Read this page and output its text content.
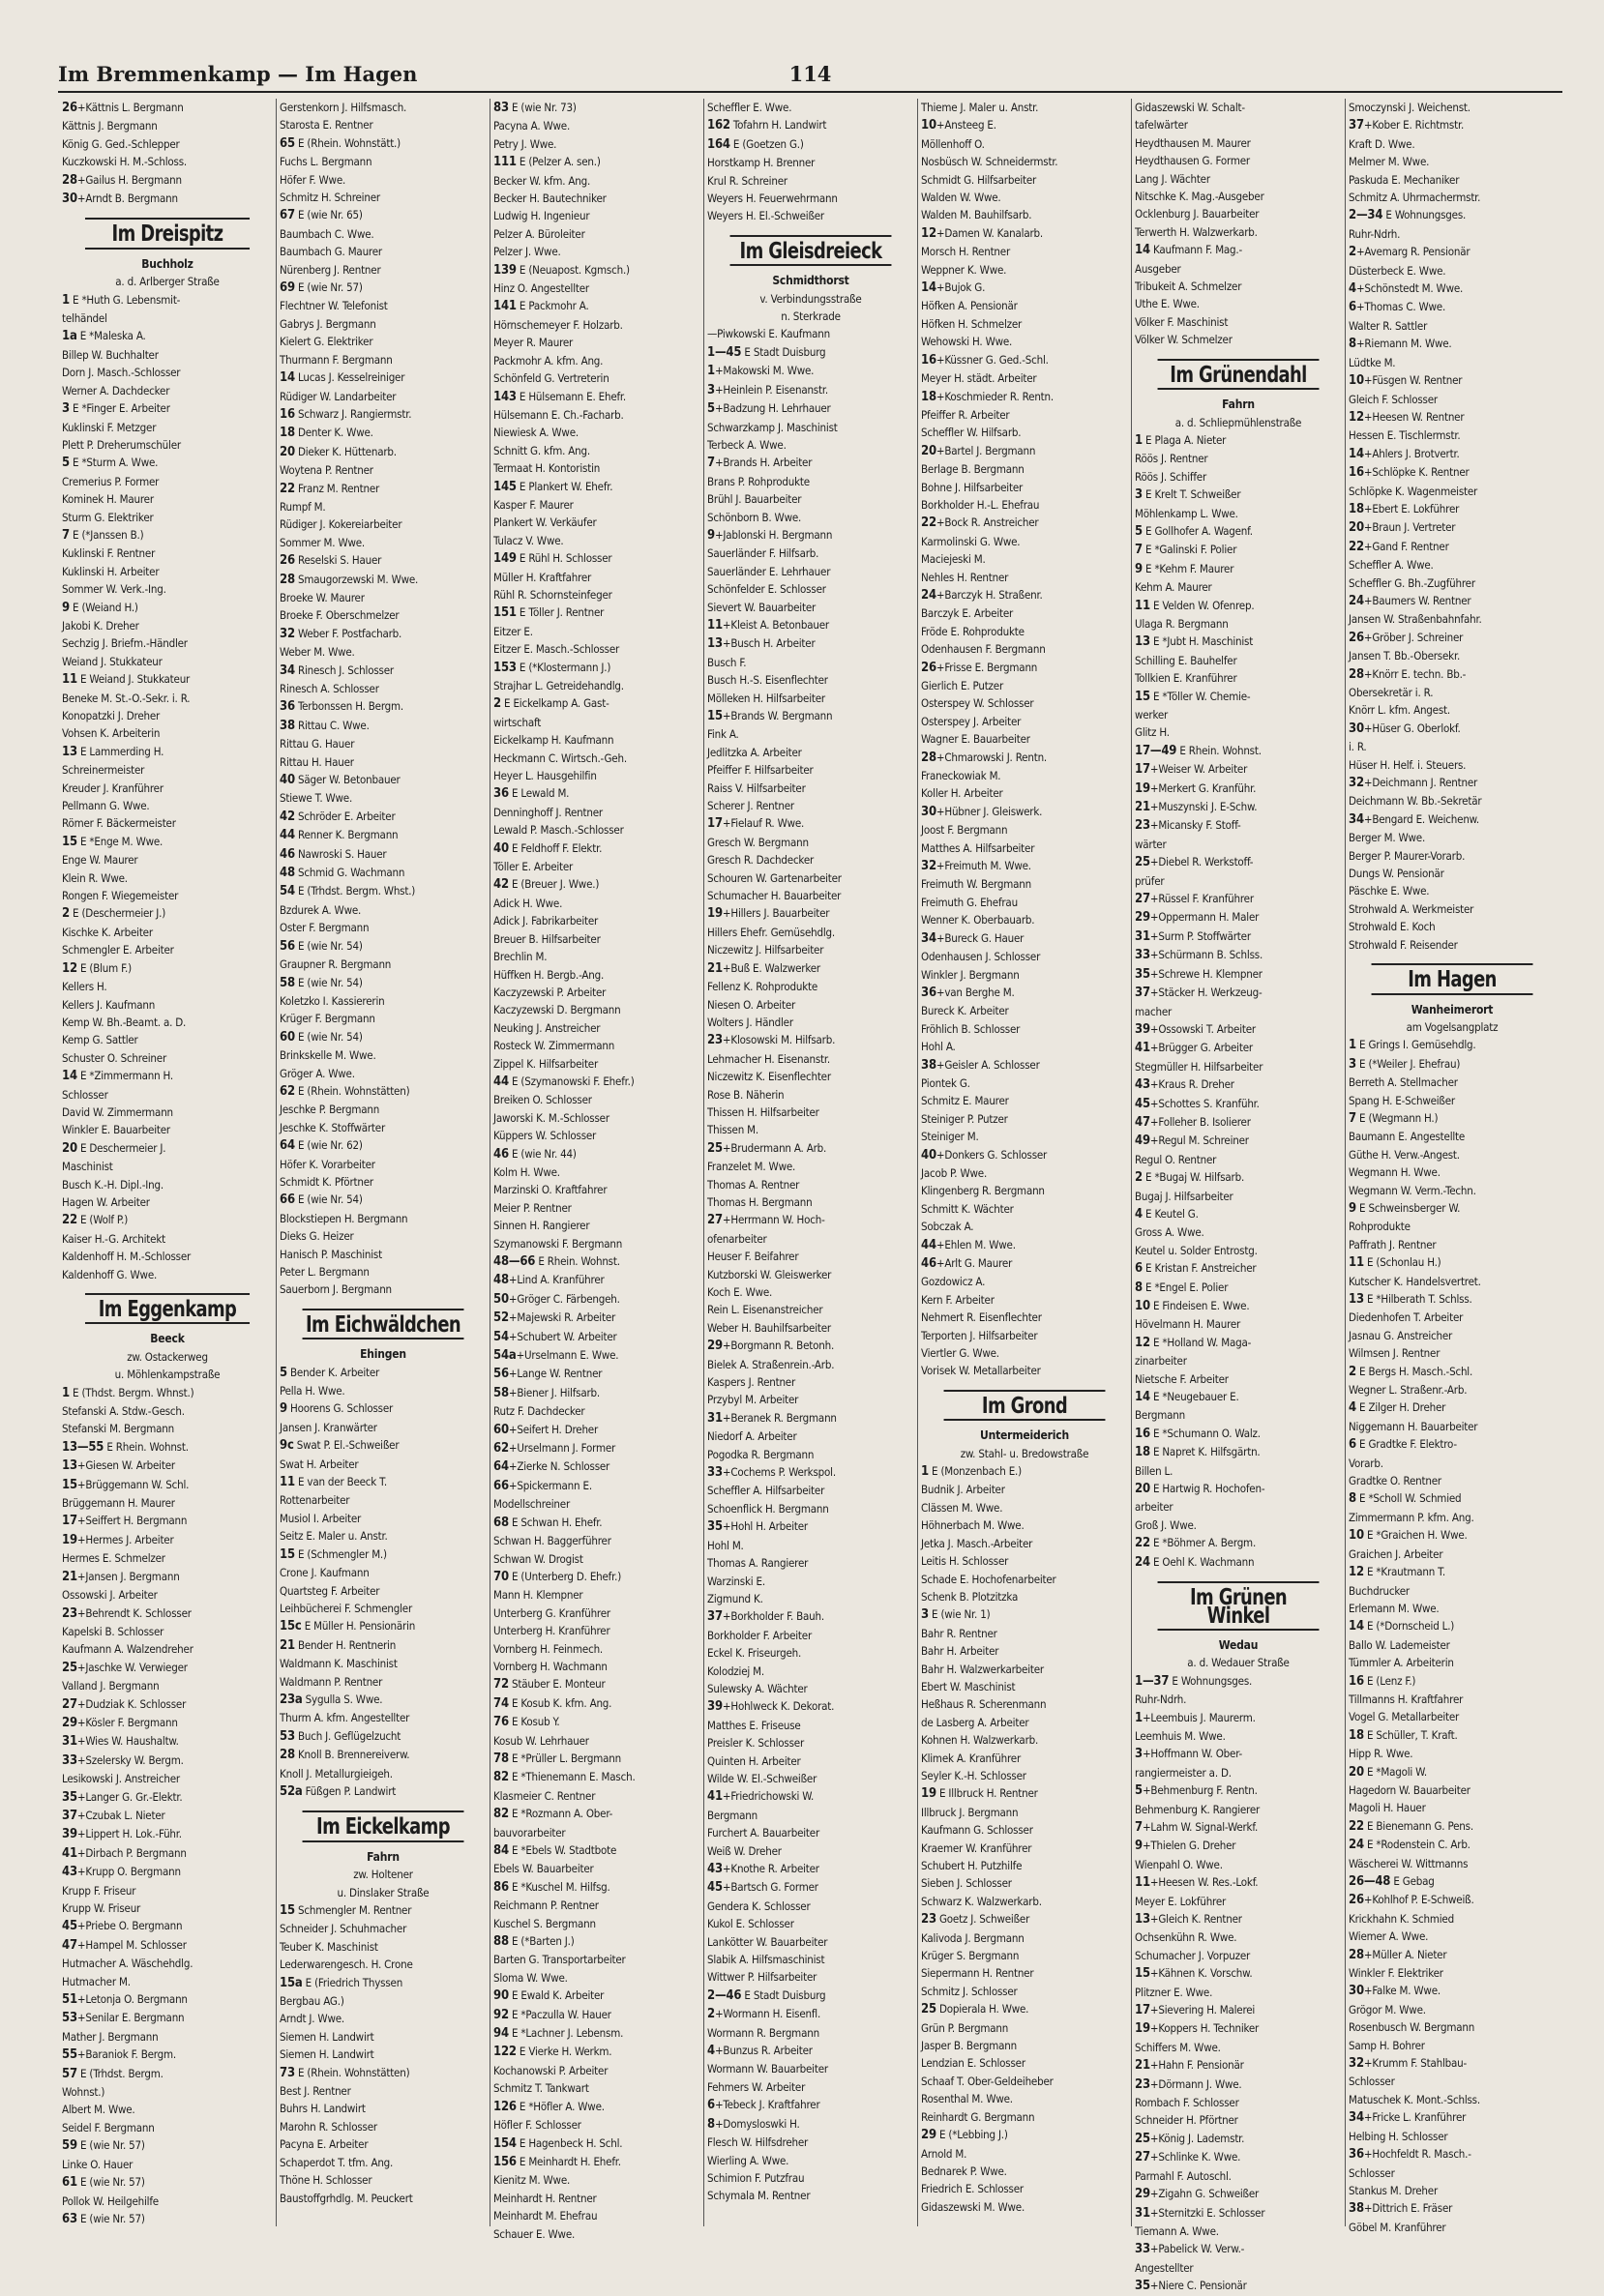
Im Bremmenkamp — Im Hagen	114
26+Kättnis L. Bergmann
Kättnis J. Bergmann
König G. Ged.-Schlepper
Kuczkowski H. M.-Schloss.
28+Gailus H. Bergmann
30+Arndt B. Bergmann
Im Dreispitz
Buchholz
a. d. Arlberger Straße
1 E *Huth G. Lebensmit-
telhändel
1a E *Maleska A.
Billep W. Buchhalter
Dorn J. Masch.-Schlosser
Werner A. Dachdecker
3 E *Finger E. Arbeiter
Kuklinski F. Metzger
Plett P. Dreherumschüler
5 E *Sturm A. Wwe.
Cremerius P. Former
Kominek H. Maurer
Sturm G. Elektriker
7 E (*Janssen B.)
Kuklinski F. Rentner
Kuklinski H. Arbeiter
Sommer W. Verk.-Ing.
9 E (Weiand H.)
Jakobi K. Dreher
Sechzig J. Briefm.-Händler
Weiand J. Stukkateur
11 E Weiand J. Stukkateur
Beneke M. St.-O.-Sekr. i. R.
Konopatzki J. Dreher
Vohsen K. Arbeiterin
13 E Lammerding H.
Schreinermeister
Kreuder J. Kranführer
Pellmann G. Wwe.
Römer F. Bäckermeister
15 E *Enge M. Wwe.
Enge W. Maurer
Klein R. Wwe.
Rongen F. Wiegemeister
2 E (Deschermeier J.)
Kischke K. Arbeiter
Schmengler E. Arbeiter
12 E (Blum F.)
Kellers H.
Kellers J. Kaufmann
Kemp W. Bh.-Beamt. a. D.
Kemp G. Sattler
Schuster O. Schreiner
14 E *Zimmermann H.
Schlosser
David W. Zimmermann
Winkler E. Bauarbeiter
20 E Deschermeier J.
Maschinist
Busch K.-H. Dipl.-Ing.
Hagen W. Arbeiter
22 E (Wolf P.)
Kaiser H.-G. Architekt
Kaldenhoff H. M.-Schlosser
Kaldenhoff G. Wwe.
Im Eggenkamp
Beeck
zw. Ostackerweg
u. Möhlenkampstraße
1 E (Thdst. Bergm. Whnst.)
Stefanski A. Stdw.-Gesch.
Stefanski M. Bergmann
13—55 E Rhein. Wohnst.
13+Giesen W. Arbeiter
15+Brüggemann W. Schl.
Brüggemann H. Maurer
17+Seiffert H. Bergmann
19+Hermes J. Arbeiter
Hermes E. Schmelzer
21+Jansen J. Bergmann
Ossowski J. Arbeiter
23+Behrendt K. Schlosser
Kapelski B. Schlosser
Kaufmann A. Walzendreher
25+Jaschke W. Verwieger
Valland J. Bergmann
27+Dudziak K. Schlosser
29+Kösler F. Bergmann
31+Wies W. Haushaltw.
33+Szelersky W. Bergm.
Lesikowski J. Anstreicher
35+Langer G. Gr.-Elektr.
37+Czubak L. Nieter
39+Lippert H. Lok.-Führ.
41+Dirbach P. Bergmann
43+Krupp O. Bergmann
Krupp F. Friseur
Krupp W. Friseur
45+Priebe O. Bergmann
47+Hampel M. Schlosser
Hutmacher A. Wäschehdlg.
Hutmacher M.
51+Letonja O. Bergmann
53+Senilar E. Bergmann
Mather J. Bergmann
55+Baraniok F. Bergm.
57 E (Trhdst. Bergm.
Wohnst.)
Albert M. Wwe.
Seidel F. Bergmann
59 E (wie Nr. 57)
Linke O. Hauer
61 E (wie Nr. 57)
Pollok W. Heilgehilfe
63 E (wie Nr. 57)
Gerstenkorn J. Hilfsmasch.
Starosta E. Rentner
65 E (Rhein. Wohnstätt.)
Fuchs L. Bergmann
Höfer F. Wwe.
Schmitz H. Schreiner
67 E (wie Nr. 65)
Baumbach C. Wwe.
Baumbach G. Maurer
Nürenberg J. Rentner
69 E (wie Nr. 57)
Flechtner W. Telefonist
Gabrys J. Bergmann
Kielert G. Elektriker
Thurmann F. Bergmann
14 Lucas J. Kesselreiniger
Rüdiger W. Landarbeiter
16 Schwarz J. Rangiermstr.
18 Denter K. Wwe.
20 Dieker K. Hüttenarb.
Woytena P. Rentner
22 Franz M. Rentner
Rumpf M.
Rüdiger J. Kokereiarbeiter
Sommer M. Wwe.
26 Reselski S. Hauer
28 Smaugorzewski M. Wwe.
Broeke W. Maurer
Broeke F. Oberschmelzer
32 Weber F. Postfacharb.
Weber M. Wwe.
34 Rinesch J. Schlosser
Rinesch A. Schlosser
36 Terbonssen H. Bergm.
38 Rittau C. Wwe.
Rittau G. Hauer
Rittau H. Hauer
40 Säger W. Betonbauer
Stiewe T. Wwe.
42 Schröder E. Arbeiter
44 Renner K. Bergmann
46 Nawroski S. Hauer
48 Schmid G. Wachmann
54 E (Trhdst. Bergm. Whst.)
Bzdurek A. Wwe.
Oster F. Bergmann
56 E (wie Nr. 54)
Graupner R. Bergmann
58 E (wie Nr. 54)
Koletzko I. Kassiererin
Krüger F. Bergmann
60 E (wie Nr. 54)
Brinkskelle M. Wwe.
Gröger A. Wwe.
62 E (Rhein. Wohnstätten)
Jeschke P. Bergmann
Jeschke K. Stoffwärter
64 E (wie Nr. 62)
Höfer K. Vorarbeiter
Schmidt K. Pförtner
66 E (wie Nr. 54)
Blockstiepen H. Bergmann
Dieks G. Heizer
Hanisch P. Maschinist
Peter L. Bergmann
Sauerborn J. Bergmann
Im Eichwäldchen
Ehingen
5 Bender K. Arbeiter
Pella H. Wwe.
9 Hoorens G. Schlosser
Jansen J. Kranwärter
9c Swat P. El.-Schweißer
Swat H. Arbeiter
11 E van der Beeck T.
Rottenarbeiter
Musiol I. Arbeiter
Seitz E. Maler u. Anstr.
15 E (Schmengler M.)
Crone J. Kaufmann
Quartsteg F. Arbeiter
Leihbücherei F. Schmengler
15c E Müller H. Pensionärin
21 Bender H. Rentnerin
Waldmann K. Maschinist
Waldmann P. Rentner
23a Sygulla S. Wwe.
Thurm A. kfm. Angestellter
53 Buch J. Geflügelzucht
28 Knoll B. Brennereiverw.
Knoll J. Metallurgieigeh.
52a Füßgen P. Landwirt
Im Eickelkamp
Fahrn
zw. Holtener
u. Dinslaker Straße
15 Schmengler M. Rentner
Schneider J. Schuhmacher
Teuber K. Maschinist
Lederwarengesch. H. Crone
15a E (Friedrich Thyssen
Bergbau AG.)
Arndt J. Wwe.
Siemen H. Landwirt
Siemen H. Landwirt
73 E (Rhein. Wohnstätten)
Best J. Rentner
Buhrs H. Landwirt
Marohn R. Schlosser
Pacyna E. Arbeiter
Schaperdot T. tfm. Ang.
Thöne H. Schlosser
Baustoffgrhdlg. M. Peuckert
83 E (wie Nr. 73)
Pacyna A. Wwe.
Petry J. Wwe.
111 E (Pelzer A. sen.)
Becker W. kfm. Ang.
Becker H. Bautechniker
Ludwig H. Ingenieur
Pelzer A. Büroleiter
Pelzer J. Wwe.
139 E (Neuapost. Kgmsch.)
Hinz O. Angestellter
141 E Packmohr A.
Hörnschemeyer F. Holzarb.
Meyer R. Maurer
Packmohr A. kfm. Ang.
Schönfeld G. Vertreterin
143 E Hülsemann E. Ehefr.
Hülsemann E. Ch.-Facharb.
Niewiesk A. Wwe.
Schnitt G. kfm. Ang.
Termaat H. Kontoristin
145 E Plankert W. Ehefr.
Kasper F. Maurer
Plankert W. Verkäufer
Tulacz V. Wwe.
149 E Rühl H. Schlosser
Müller H. Kraftfahrer
Rühl R. Schornsteinfeger
151 E Töller J. Rentner
Eitzer E.
Eitzer E. Masch.-Schlosser
153 E (*Klostermann J.)
Strajhar L. Getreidehandlg.
2 E Eickelkamp A. Gast-
wirtschaft
Eickelkamp H. Kaufmann
Heckmann C. Wirtsch.-Geh.
Heyer L. Hausgehilfin
36 E Lewald M.
Denninghoff J. Rentner
Lewald P. Masch.-Schlosser
40 E Feldhoff F. Elektr.
Töller E. Arbeiter
42 E (Breuer J. Wwe.)
Adick H. Wwe.
Adick J. Fabrikarbeiter
Breuer B. Hilfsarbeiter
Brechlin M.
Hüffken H. Bergb.-Ang.
Kaczyzewski P. Arbeiter
Kaczyzewski D. Bergmann
Neuking J. Anstreicher
Rosteck W. Zimmermann
Zippel K. Hilfsarbeiter
44 E (Szymanowski F. Ehefr.)
Breiken O. Schlosser
Jaworski K. M.-Schlosser
Küppers W. Schlosser
46 E (wie Nr. 44)
Kolm H. Wwe.
Marzinski O. Kraftfahrer
Meier P. Rentner
Sinnen H. Rangierer
Szymanowski F. Bergmann
48—66 E Rhein. Wohnst.
48+Lind A. Kranführer
50+Gröger C. Färbengeh.
52+Majewski R. Arbeiter
54+Schubert W. Arbeiter
54a+Urselmann E. Wwe.
56+Lange W. Rentner
58+Biener J. Hilfsarb.
Rutz F. Dachdecker
60+Seifert H. Dreher
62+Urselmann J. Former
64+Zierke N. Schlosser
66+Spickermann E.
Modellschreiner
68 E Schwan H. Ehefr.
Schwan H. Baggerführer
Schwan W. Drogist
70 E (Unterberg D. Ehefr.)
Mann H. Klempner
Unterberg G. Kranführer
Unterberg H. Kranführer
Vornberg H. Feinmech.
Vornberg H. Wachmann
72 Stäuber E. Monteur
74 E Kosub K. kfm. Ang.
76 E Kosub Y.
Kosub W. Lehrhauer
78 E *Prüller L. Bergmann
82 E *Thienemann E. Masch.
Klasmeier C. Rentner
82 E *Rozmann A. Ober-
bauvorarbeiter
84 E *Ebels W. Stadtbote
Ebels W. Bauarbeiter
86 E *Kuschel M. Hilfsg.
Reichmann P. Rentner
Kuschel S. Bergmann
88 E (*Barten J.)
Barten G. Transportarbeiter
Sloma W. Wwe.
90 E Ewald K. Arbeiter
92 E *Paczulla W. Hauer
94 E *Lachner J. Lebensm.
122 E Vierke H. Werkm.
Kochanowski P. Arbeiter
Schmitz T. Tankwart
126 E *Höfler A. Wwe.
Höfler F. Schlosser
154 E Hagenbeck H. Schl.
156 E Meinhardt H. Ehefr.
Kienitz M. Wwe.
Meinhardt H. Rentner
Meinhardt M. Ehefrau
Schauer E. Wwe.
Scheffler E. Wwe.
162 Tofahrn H. Landwirt
164 E (Goetzen G.)
Horstkamp H. Brenner
Krul R. Schreiner
Weyers H. Feuerwehrmann
Weyers H. El.-Schweißer
Im Gleisdreieck
Schmidthorst
v. Verbindungsstraße
n. Sterkrade
—Piwkowski E. Kaufmann
1—45 E Stadt Duisburg
1+Makowski M. Wwe.
3+Heinlein P. Eisenanstr.
5+Badzung H. Lehrhauer
Schwarzkamp J. Maschinist
Terbeck A. Wwe.
7+Brands H. Arbeiter
Brans P. Rohprodukte
Brühl J. Bauarbeiter
Schönborn B. Wwe.
9+Jablonski H. Bergmann
Sauerländer F. Hilfsarb.
Sauerländer E. Lehrhauer
Schönfelder E. Schlosser
Sievert W. Bauarbeiter
11+Kleist A. Betonbauer
13+Busch H. Arbeiter
Busch F.
Busch H.-S. Eisenflechter
Mölleken H. Hilfsarbeiter
15+Brands W. Bergmann
Fink A.
Jedlitzka A. Arbeiter
Pfeiffer F. Hilfsarbeiter
Raiss V. Hilfsarbeiter
Scherer J. Rentner
17+Fielauf R. Wwe.
Gresch W. Bergmann
Gresch R. Dachdecker
Schouren W. Gartenarbeiter
Schumacher H. Bauarbeiter
19+Hillers J. Bauarbeiter
Hillers Ehefr. Gemüsehdlg.
Niczewitz J. Hilfsarbeiter
21+Buß E. Walzwerker
Fellenz K. Rohprodukte
Niesen O. Arbeiter
Wolters J. Händler
23+Klosowski M. Hilfsarb.
Lehmacher H. Eisenanstr.
Niczewitz K. Eisenflechter
Rose B. Näherin
Thissen H. Hilfsarbeiter
Thissen M.
25+Brudermann A. Arb.
Franzelet M. Wwe.
Thomas A. Rentner
Thomas H. Bergmann
27+Herrmann W. Hoch-
ofenarbeiter
Heuser F. Beifahrer
Kutzborski W. Gleiswerker
Koch E. Wwe.
Rein L. Eisenanstreicher
Weber H. Bauhilfsarbeiter
29+Borgmann R. Betonh.
Bielek A. Straßenrein.-Arb.
Kaspers J. Rentner
Przybyl M. Arbeiter
31+Beranek R. Bergmann
Niedorf A. Arbeiter
Pogodka R. Bergmann
33+Cochems P. Werkspol.
Scheffler A. Hilfsarbeiter
Schoenflick H. Bergmann
35+Hohl H. Arbeiter
Hohl M.
Thomas A. Rangierer
Warzinski E.
Zigmund K.
37+Borkholder F. Bauh.
Borkholder F. Arbeiter
Eckel K. Friseurgeh.
Kolodziej M.
Sulewsky A. Wächter
39+Hohlweck K. Dekorat.
Matthes E. Friseuse
Preisler K. Schlosser
Quinten H. Arbeiter
Wilde W. El.-Schweißer
41+Friedrichowski W.
Bergmann
Furchert A. Bauarbeiter
Weiß W. Dreher
43+Knothe R. Arbeiter
45+Bartsch G. Former
Gendera K. Schlosser
Kukol E. Schlosser
Lankötter W. Bauarbeiter
Slabik A. Hilfsmaschinist
Wittwer P. Hilfsarbeiter
2—46 E Stadt Duisburg
2+Wormann H. Eisenfl.
Wormann R. Bergmann
4+Bunzus R. Arbeiter
Wormann W. Bauarbeiter
Fehmers W. Arbeiter
6+Tebeck J. Kraftfahrer
8+Domysloswki H.
Flesch W. Hilfsdreher
Wierling A. Wwe.
Schimion F. Putzfrau
Schymala M. Rentner
Thieme J. Maler u. Anstr.
10+Ansteeg E.
Möllenhoff O.
Nosbüsch W. Schneidermstr.
Schmidt G. Hilfsarbeiter
Walden W. Wwe.
Walden M. Bauhilfsarb.
12+Damen W. Kanalarb.
Morsch H. Rentner
Weppner K. Wwe.
14+Bujok G.
Höfken A. Pensionär
Höfken H. Schmelzer
Wehowski H. Wwe.
16+Küssner G. Ged.-Schl.
Meyer H. städt. Arbeiter
18+Koschmieder R. Rentn.
Pfeiffer R. Arbeiter
Scheffler W. Hilfsarb.
20+Bartel J. Bergmann
Berlage B. Bergmann
Bohne J. Hilfsarbeiter
Borkholder H.-L. Ehefrau
22+Bock R. Anstreicher
Karmolinski G. Wwe.
Maciejeski M.
Nehles H. Rentner
24+Barczyk H. Straßenr.
Barczyk E. Arbeiter
Fröde E. Rohprodukte
Odenhausen F. Bergmann
26+Frisse E. Bergmann
Gierlich E. Putzer
Osterspey W. Schlosser
Osterspey J. Arbeiter
Wagner E. Bauarbeiter
28+Chmarowski J. Rentn.
Franeckowiak M.
Koller H. Arbeiter
30+Hübner J. Gleiswerk.
Joost F. Bergmann
Matthes A. Hilfsarbeiter
32+Freimuth M. Wwe.
Freimuth W. Bergmann
Freimuth G. Ehefrau
Wenner K. Oberbauarb.
34+Bureck G. Hauer
Odenhausen J. Schlosser
Winkler J. Bergmann
36+van Berghe M.
Bureck K. Arbeiter
Fröhlich B. Schlosser
Hohl A.
38+Geisler A. Schlosser
Piontek G.
Schmitz E. Maurer
Steiniger P. Putzer
Steiniger M.
40+Donkers G. Schlosser
Jacob P. Wwe.
Klingenberg R. Bergmann
Schmitt K. Wächter
Sobczak A.
44+Ehlen M. Wwe.
46+Arlt G. Maurer
Gozdowicz A.
Kern F. Arbeiter
Nehmert R. Eisenflechter
Terporten J. Hilfsarbeiter
Viertler G. Wwe.
Vorisek W. Metallarbeiter
Im Grond
Untermeiderich
zw. Stahl- u. Bredowstraße
1 E (Monzenbach E.)
Budnik J. Arbeiter
Clässen M. Wwe.
Höhnerbach M. Wwe.
Jetka J. Masch.-Arbeiter
Leitis H. Schlosser
Schade E. Hochofenarbeiter
Schenk B. Plotzitzka
3 E (wie Nr. 1)
Bahr R. Rentner
Bahr H. Arbeiter
Bahr H. Walzwerkarbeiter
Ebert W. Maschinist
Heßhaus R. Scherenmann
de Lasberg A. Arbeiter
Kohnen H. Walzwerkarb.
Klimek A. Kranführer
Seyler K.-H. Schlosser
19 E Illbruck H. Rentner
Illbruck J. Bergmann
Kaufmann G. Schlosser
Kraemer W. Kranführer
Schubert H. Putzhilfe
Sieben J. Schlosser
Schwarz K. Walzwerkarb.
23 Goetz J. Schweißer
Kalivoda J. Bergmann
Krüger S. Bergmann
Siepermann H. Rentner
Schmitz J. Schlosser
25 Dopierala H. Wwe.
Grün P. Bergmann
Jasper B. Bergmann
Lendzian E. Schlosser
Schaaf T. Ober-Geldeiheber
Rosenthal M. Wwe.
Reinhardt G. Bergmann
29 E (*Lebbing J.)
Arnold M.
Bednarek P. Wwe.
Friedrich E. Schlosser
Gidaszewski M. Wwe.
Gidaszewski W. Schalt-
tafelwärter
Heydthausen M. Maurer
Heydthausen G. Former
Lang J. Wächter
Nitschke K. Mag.-Ausgeber
Ocklenburg J. Bauarbeiter
Terwerth H. Walzwerkarb.
14 Kaufmann F. Mag.-
Ausgeber
Tribukeit A. Schmelzer
Uthe E. Wwe.
Völker F. Maschinist
Völker W. Schmelzer
Im Grünendahl
Fahrn
a. d. Schliepmühlenstraße
1 E Plaga A. Nieter
Röös J. Rentner
Röös J. Schiffer
3 E Krelt T. Schweißer
Möhlenkamp L. Wwe.
5 E Gollhofer A. Wagenf.
7 E *Galinski F. Polier
9 E *Kehm F. Maurer
Kehm A. Maurer
11 E Velden W. Ofenrep.
Ulaga R. Bergmann
13 E *Jubt H. Maschinist
Schilling E. Bauhelfer
Tollkien E. Kranführer
15 E *Töller W. Chemie-
werker
Glitz H.
17—49 E Rhein. Wohnst.
17+Weiser W. Arbeiter
19+Merkert G. Kranführ.
21+Muszynski J. E-Schw.
23+Micansky F. Stoff-
wärter
25+Diebel R. Werkstoff-
prüfer
27+Rüssel F. Kranführer
29+Oppermann H. Maler
31+Surm P. Stoffwärter
33+Schürmann B. Schlss.
35+Schrewe H. Klempner
37+Stäcker H. Werkzeug-
macher
39+Ossowski T. Arbeiter
41+Brügger G. Arbeiter
Stegmüller H. Hilfsarbeiter
43+Kraus R. Dreher
45+Schottes S. Kranführ.
47+Folleher B. Isolierer
49+Regul M. Schreiner
Regul O. Rentner
2 E *Bugaj W. Hilfsarb.
Bugaj J. Hilfsarbeiter
4 E Keutel G.
Gross A. Wwe.
Keutel u. Solder Entrostg.
6 E Kristan F. Anstreicher
8 E *Engel E. Polier
10 E Findeisen E. Wwe.
Hövelmann H. Maurer
12 E *Holland W. Maga-
zinarbeiter
Nietsche F. Arbeiter
14 E *Neugebauer E.
Bergmann
16 E *Schumann O. Walz.
18 E Napret K. Hilfsgärtn.
Billen L.
20 E Hartwig R. Hochofen-
arbeiter
Groß J. Wwe.
22 E *Böhmer A. Bergm.
24 E Oehl K. Wachmann
Im Grünen Winkel
Wedau
a. d. Wedauer Straße
1—37 E Wohnungsges.
Ruhr-Ndrh.
1+Leembuis J. Maurerm.
Leemhuis M. Wwe.
3+Hoffmann W. Ober-
rangiermeister a. D.
5+Behmenburg F. Rentn.
Behmenburg K. Rangierer
7+Lahm W. Signal-Werkf.
9+Thielen G. Dreher
Wienpahl O. Wwe.
11+Heesen W. Res.-Lokf.
Meyer E. Lokführer
13+Gleich K. Rentner
Ochsenkühn R. Wwe.
Schumacher J. Vorpuzer
15+Kähnen K. Vorschw.
Plitzner E. Wwe.
17+Sievering H. Malerei
19+Koppers H. Techniker
Schiffers M. Wwe.
21+Hahn F. Pensionär
23+Dörmann J. Wwe.
Rombach F. Schlosser
Schneider H. Pförtner
25+König J. Lademstr.
27+Schlinke K. Wwe.
Parmahl F. Autoschl.
29+Zigahn G. Schweißer
31+Sternitzki E. Schlosser
Tiemann A. Wwe.
33+Pabelick W. Verw.-
Angestellter
35+Niere C. Pensionär
Smoczynski J. Weichenst.
37+Kober E. Richtmstr.
Kraft D. Wwe.
Melmer M. Wwe.
Paskuda E. Mechaniker
Schmitz A. Uhrmachermstr.
2—34 E Wohnungsges.
Ruhr-Ndrh.
2+Avemarg R. Pensionär
Düsterbeck E. Wwe.
4+Schönstedt M. Wwe.
6+Thomas C. Wwe.
Walter R. Sattler
8+Riemann M. Wwe.
Lüdtke M.
10+Füsgen W. Rentner
Gleich F. Schlosser
12+Heesen W. Rentner
Hessen E. Tischlermstr.
14+Ahlers J. Brotvertr.
16+Schlöpke K. Rentner
Schlöpke K. Wagenmeister
18+Ebert E. Lokführer
20+Braun J. Vertreter
22+Gand F. Rentner
Scheffler A. Wwe.
Scheffler G. Bh.-Zugführer
24+Baumers W. Rentner
Jansen W. Straßenbahnfahr.
26+Gröber J. Schreiner
Jansen T. Bb.-Obersekr.
28+Knörr E. techn. Bb.-
Obersekretär i. R.
Knörr L. kfm. Angest.
30+Hüser G. Oberlokf.
i. R.
Hüser H. Helf. i. Steuers.
32+Deichmann J. Rentner
Deichmann W. Bb.-Sekretär
34+Bengard E. Weichenw.
Berger M. Wwe.
Berger P. Maurer-Vorarb.
Dungs W. Pensionär
Päschke E. Wwe.
Strohwald A. Werkmeister
Strohwald E. Koch
Strohwald F. Reisender
Im Hagen
Wanheimerort
am Vogelsangplatz
1 E Grings I. Gemüsehdlg.
3 E (*Weiler J. Ehefrau)
Berreth A. Stellmacher
Spang H. E-Schweißer
7 E (Wegmann H.)
Baumann E. Angestellte
Güthe H. Verw.-Angest.
Wegmann H. Wwe.
Wegmann W. Verm.-Techn.
9 E Schweinsberger W.
Rohprodukte
Paffrath J. Rentner
11 E (Schonlau H.)
Kutscher K. Handelsvertret.
13 E *Hilberath T. Schlss.
Diedenhofen T. Arbeiter
Jasnau G. Anstreicher
Wilmsen J. Rentner
2 E Bergs H. Masch.-Schl.
Wegner L. Straßenr.-Arb.
4 E Zilger H. Dreher
Niggemann H. Bauarbeiter
6 E Gradtke F. Elektro-
Vorarb.
Gradtke O. Rentner
8 E *Scholl W. Schmied
Zimmermann P. kfm. Ang.
10 E *Graichen H. Wwe.
Graichen J. Arbeiter
12 E *Krautmann T.
Buchdrucker
Erlemann M. Wwe.
14 E (*Dornscheid L.)
Ballo W. Lademeister
Tümmler A. Arbeiterin
16 E (Lenz F.)
Tillmanns H. Kraftfahrer
Vogel G. Metallarbeiter
18 E Schüller, T. Kraft.
Hipp R. Wwe.
20 E *Magoli W.
Hagedorn W. Bauarbeiter
Magoli H. Hauer
22 E Bienemann G. Pens.
24 E *Rodenstein C. Arb.
Wäscherei W. Wittmanns
26—48 E Gebag
26+Kohlhof P. E-Schweiß.
Krickhahn K. Schmied
Wiemer A. Wwe.
28+Müller A. Nieter
Winkler F. Elektriker
30+Falke M. Wwe.
Grögor M. Wwe.
Rosenbusch W. Bergmann
Samp H. Bohrer
32+Krumm F. Stahlbau-
Schlosser
Matuschek K. Mont.-Schlss.
34+Fricke L. Kranführer
Helbing H. Schlosser
36+Hochfeldt R. Masch.-
Schlosser
Stankus M. Dreher
38+Dittrich E. Fräser
Göbel M. Kranführer
